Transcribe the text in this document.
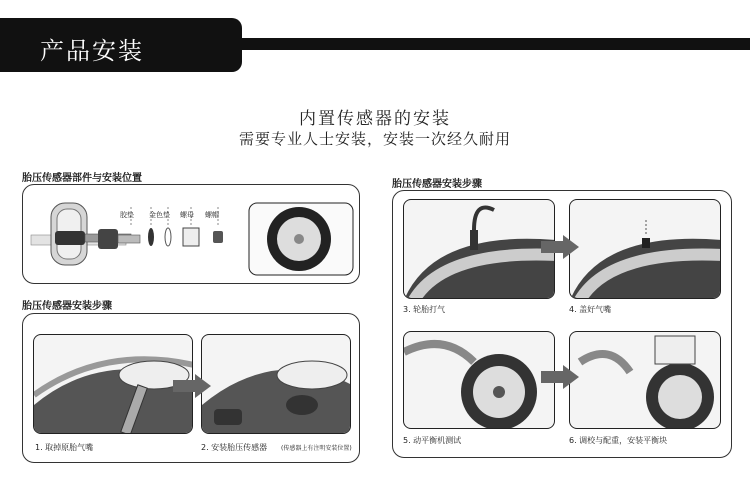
产品安装
内置传感器的安装
需要专业人士安装，安装一次经久耐用
胎压传感器部件与安装位置
胶垫 金色垫 螺母 螺帽
胎压传感器安装步骤
1. 取掉原胎气嘴	2. 安装胎压传感器 (传感器上有注明安装位置)
胎压传感器安装步骤
3. 轮胎打气	4. 盖好气嘴
5. 动平衡机测试	6. 调校与配重，安装平衡块
